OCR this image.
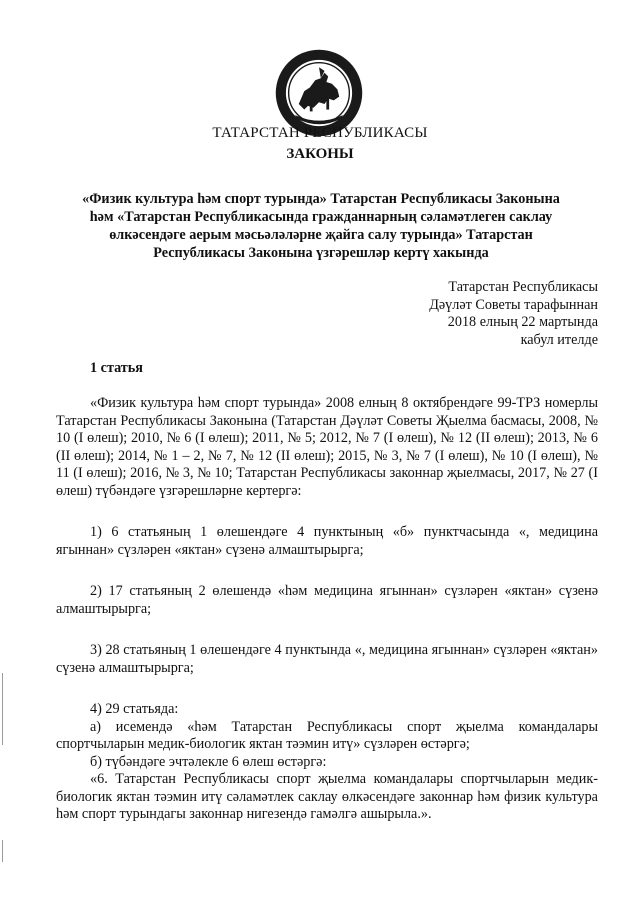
ТАТАРСТАН РЕСПУБЛИКАСЫ
ЗАКОНЫ
«Физик культура һәм спорт турында» Татарстан Республикасы Законына
һәм «Татарстан Республикасында гражданнарның сәламәтлеген саклау
өлкәсендәге аерым мәсьәләләрне җайга салу турында» Татарстан
Республикасы Законына үзгәрешләр кертү хакында
Татарстан Республикасы
Дәүләт Советы тарафыннан
2018 елның 22 мартында
кабул ителде
1 статья

«Физик культура һәм спорт турында» 2008 елның 8 октябрендәге 99-ТРЗ номерлы Татарстан Республикасы Законына (Татарстан Дәүләт Советы Җыелма басмасы, 2008, № 10 (I өлеш); 2010, № 6 (I өлеш); 2011, № 5; 2012, № 7 (I өлеш), № 12 (II өлеш); 2013, № 6 (II өлеш); 2014, № 1 – 2, № 7, № 12 (II өлеш); 2015, № 3, № 7 (I өлеш), № 10 (I өлеш), № 11 (I өлеш); 2016, № 3, № 10; Татарстан Республикасы законнар җыелмасы, 2017, № 27 (I өлеш) түбәндәге үзгәрешләрне кертергә:

1) 6 статьяның 1 өлешендәге 4 пунктының «б» пунктчасында «, медицина ягыннан» сүзләрен «яктан» сүзенә алмаштырырга;

2) 17 статьяның 2 өлешендә «һәм медицина ягыннан» сүзләрен «яктан» сүзенә алмаштырырга;

3) 28 статьяның 1 өлешендәге 4 пунктында «, медицина ягыннан» сүзләрен «яктан» сүзенә алмаштырырга;

4) 29 статьяда:

а) исемендә «һәм Татарстан Республикасы спорт җыелма командалары спортчыларын медик-биологик яктан тәэмин итү» сүзләрен өстәргә;

б) түбәндәге эчтәлекле 6 өлеш өстәргә:

«6. Татарстан Республикасы спорт җыелма командалары спортчыларын медик-биологик яктан тәэмин итү сәламәтлек саклау өлкәсендәге законнар һәм физик культура һәм спорт турындагы законнар нигезендә гамәлгә ашырыла.».
